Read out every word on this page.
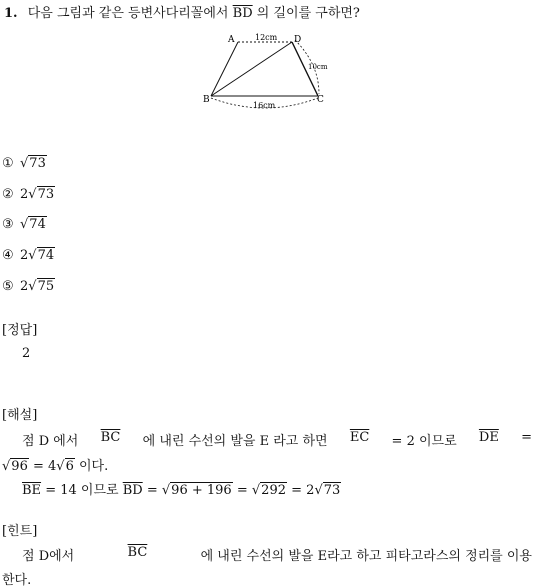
1. 다음 그림과 같은 등변사다리꼴에서 $\overline{BD}$ 의 길이를 구하면?
A	D
B	C
12cm
10cm
16cm
① √73
② 2√73
③ √74
④ 2√74
⑤ 2√75
[정답]
2
[해설]
점 D 에서 $\overline{BC}$ 에 내린 수선의 발을 E 라고 하면 $\overline{EC} = 2$ 이므로 $\overline{DE}$ =
√96 = 4√6 이다.
$\overline{BE} = 14$ 이므로 $\overline{BD} = √96 + 196 = √292 = 2√73$
[힌트]
점 D에서	$\overline{BC}$	에 내린 수선의 발을 E라고 하고 피타고라스의 정리를 이용
한다.
